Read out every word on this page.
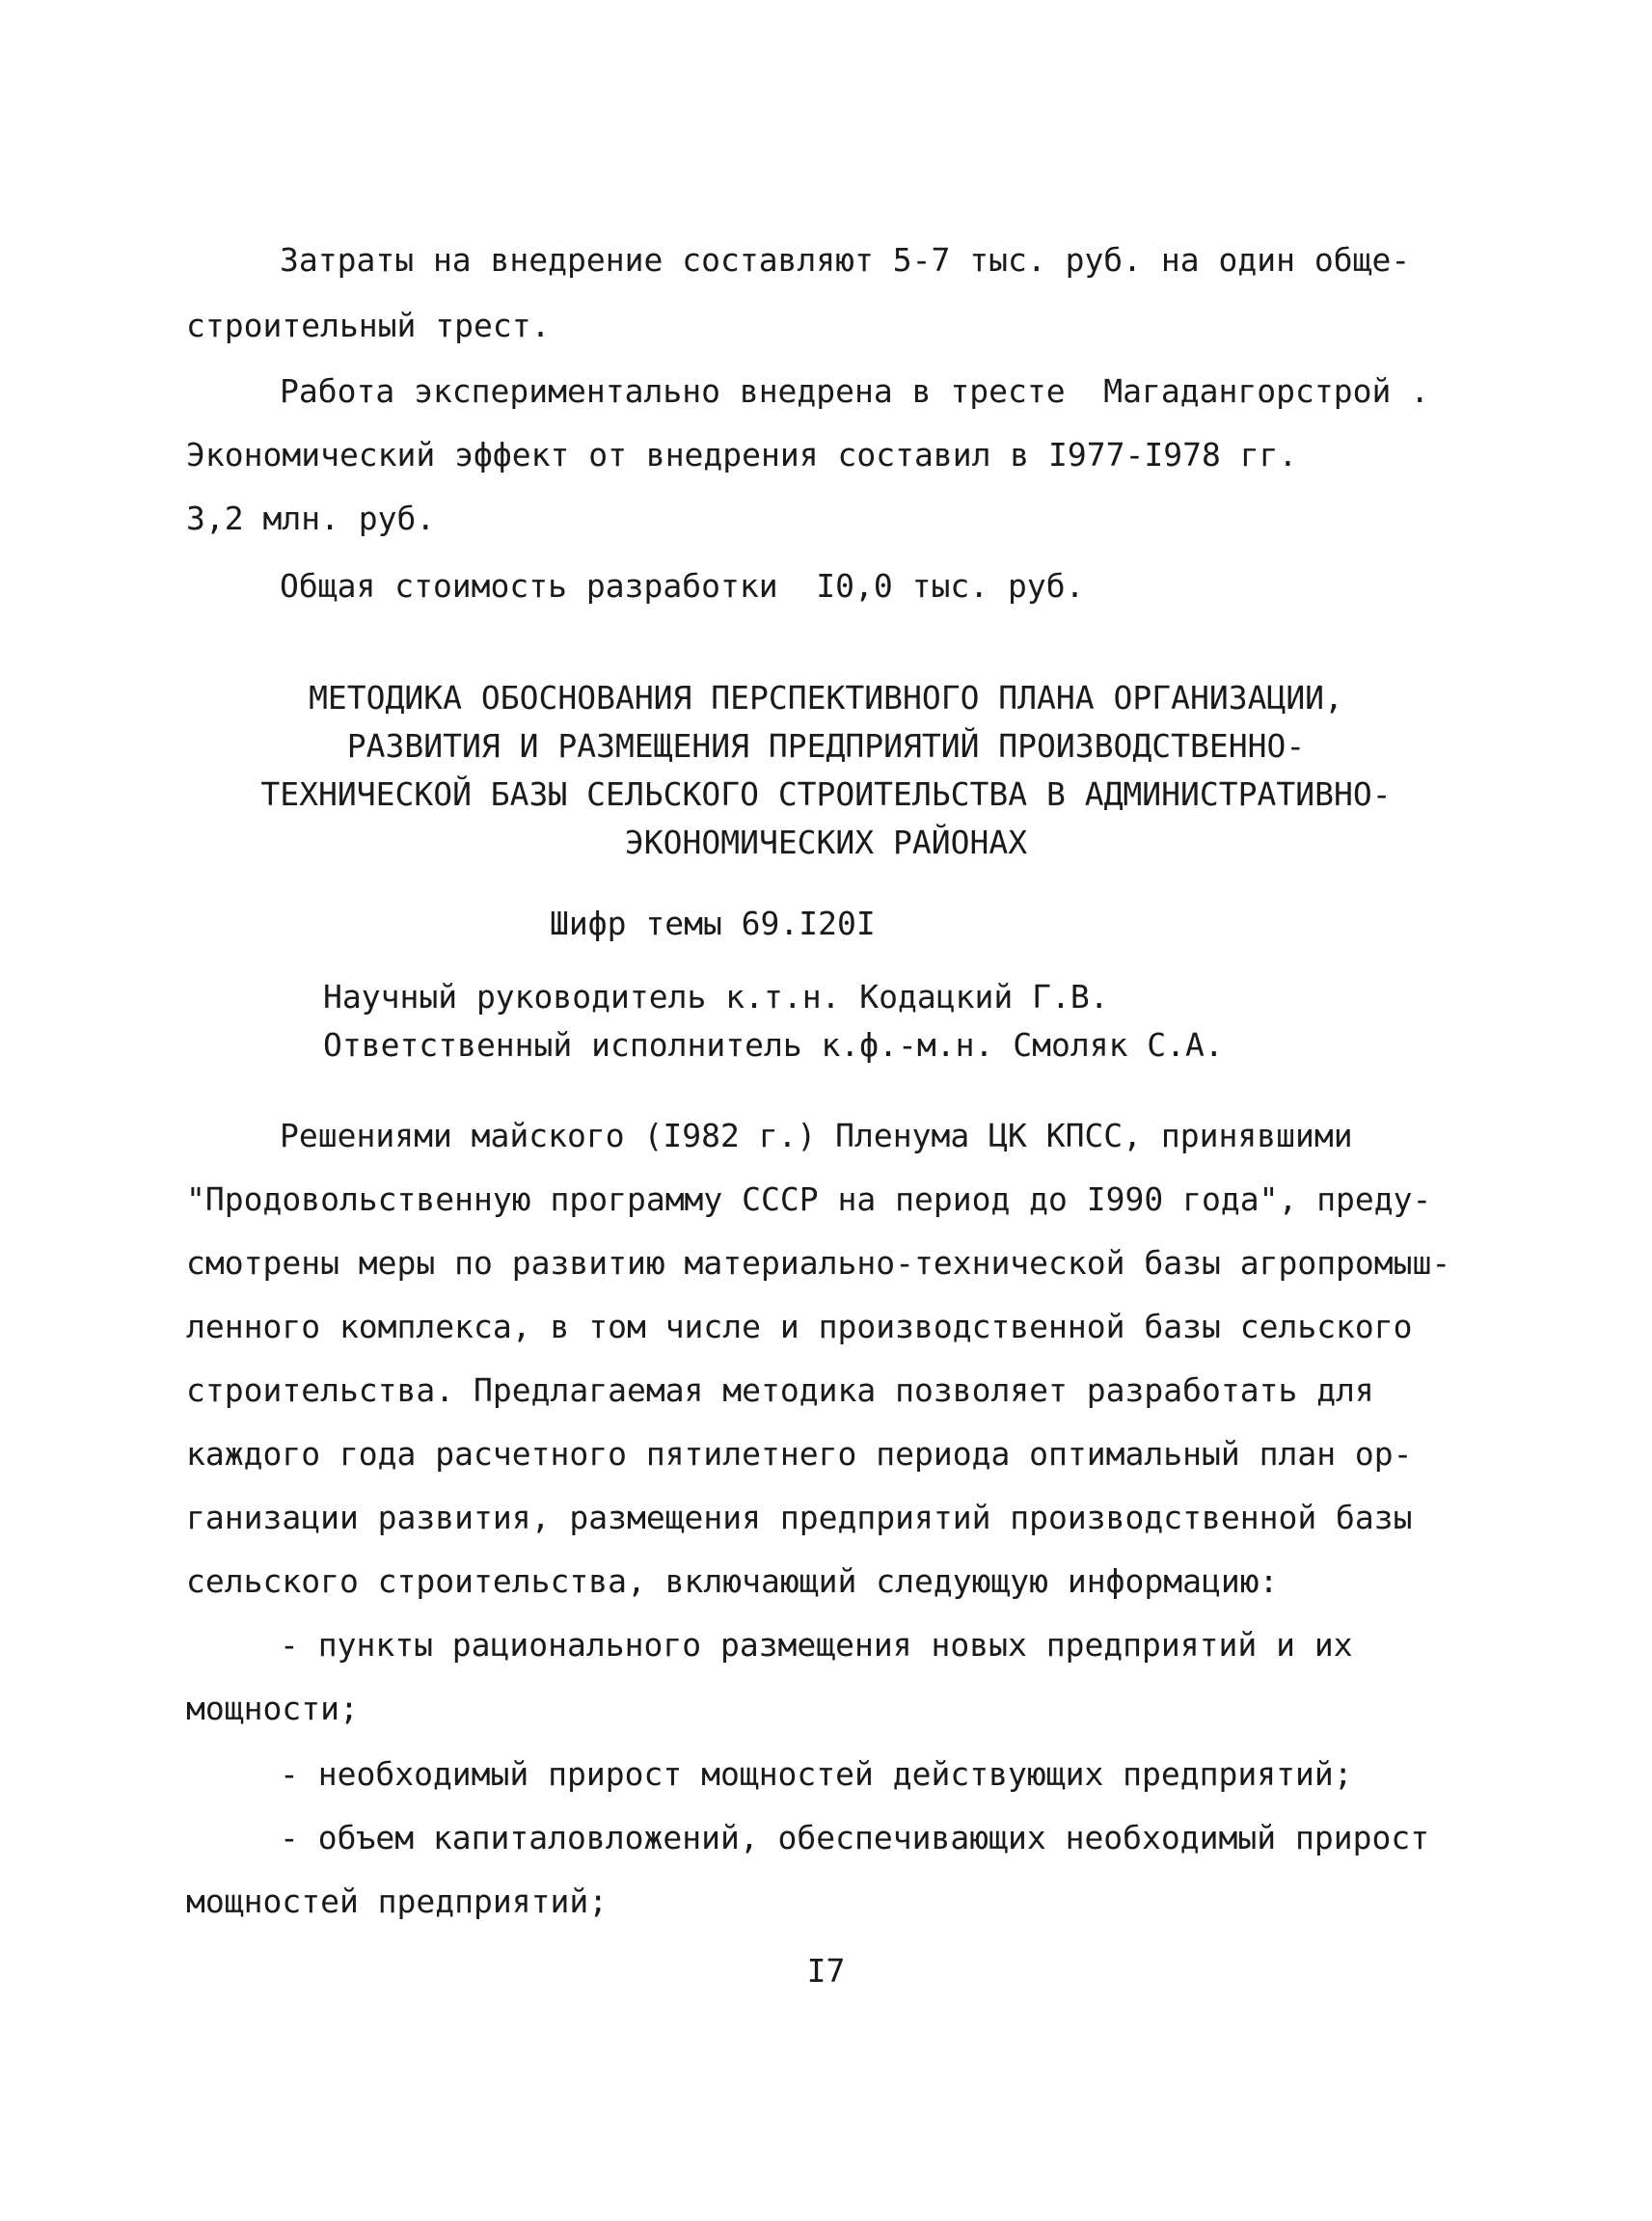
Затраты на внедрение составляют 5-7 тыс. руб. на один обще-
строительный трест.
Работа экспериментально внедрена в тресте  Магадангорстрой .
Экономический эффект от внедрения составил в I977-I978 гг.
3,2 млн. руб.
Общая стоимость разработки  I0,0 тыс. руб.
МЕТОДИКА ОБОСНОВАНИЯ ПЕРСПЕКТИВНОГО ПЛАНА ОРГАНИЗАЦИИ,
РАЗВИТИЯ И РАЗМЕЩЕНИЯ ПРЕДПРИЯТИЙ ПРОИЗВОДСТВЕННО-
ТЕХНИЧЕСКОЙ БАЗЫ СЕЛЬСКОГО СТРОИТЕЛЬСТВА В АДМИНИСТРАТИВНО-
ЭКОНОМИЧЕСКИХ РАЙОНАХ
Шифр темы 69.I20I
Научный руководитель к.т.н. Кодацкий Г.В.
Ответственный исполнитель к.ф.-м.н. Смоляк С.А.
Решениями майского (I982 г.) Пленума ЦК КПСС, принявшими
"Продовольственную программу СССР на период до I990 года", преду-
смотрены меры по развитию материально-технической базы агропромыш-
ленного комплекса, в том числе и производственной базы сельского
строительства. Предлагаемая методика позволяет разработать для
каждого года расчетного пятилетнего периода оптимальный план ор-
ганизации развития, размещения предприятий производственной базы
сельского строительства, включающий следующую информацию:
- пункты рационального размещения новых предприятий и их
мощности;
- необходимый прирост мощностей действующих предприятий;
- объем капиталовложений, обеспечивающих необходимый прирост
мощностей предприятий;
I7
